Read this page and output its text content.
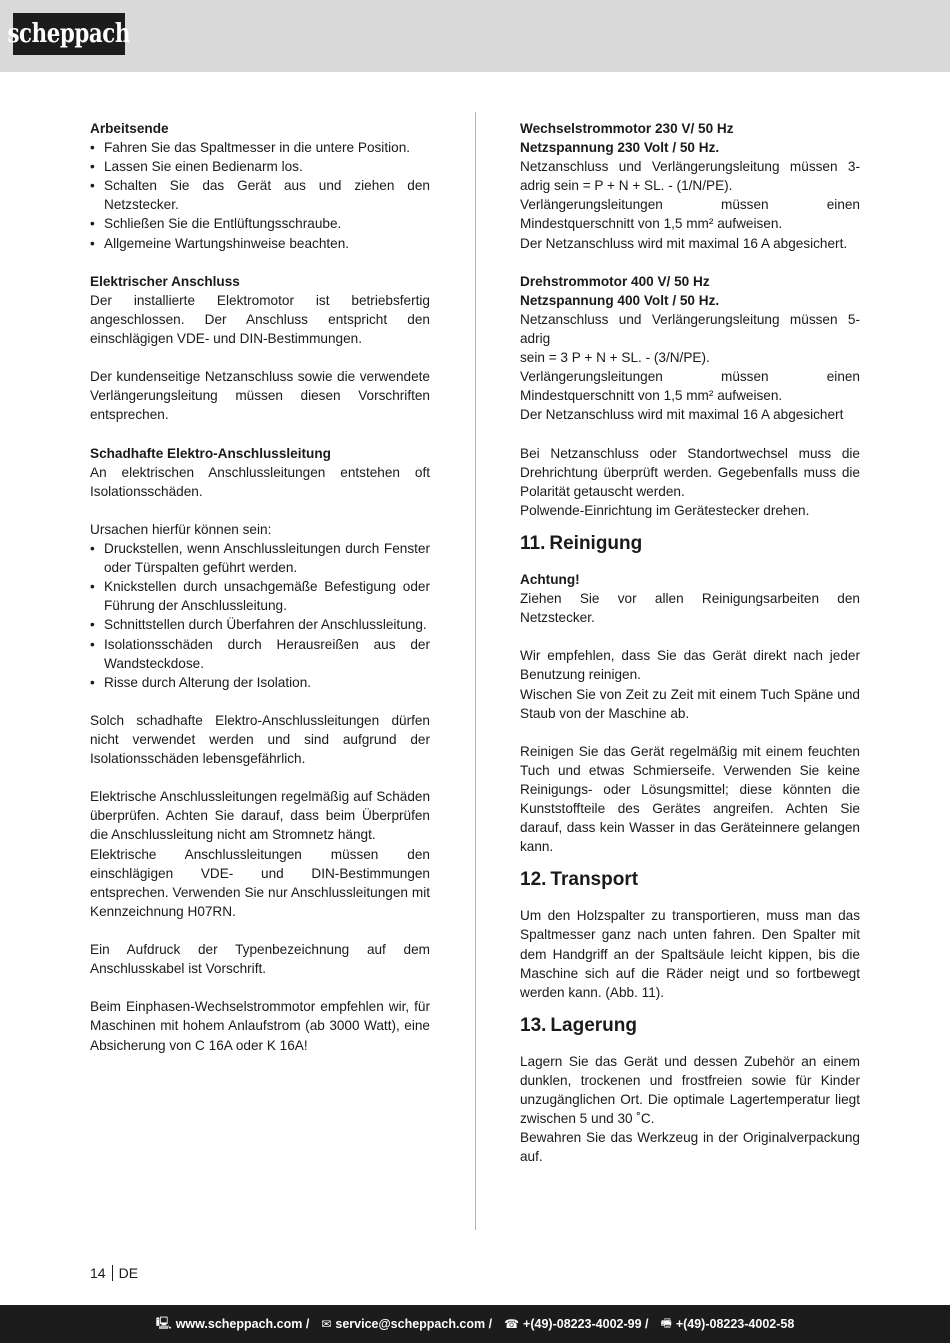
scheppach

Arbeitsende

• Fahren Sie das Spaltmesser in die untere Position.
• Lassen Sie einen Bedienarm los.
• Schalten Sie das Gerät aus und ziehen den Netzstecker.
• Schließen Sie die Entlüftungsschraube.
• Allgemeine Wartungshinweise beachten.

Elektrischer Anschluss

Der installierte Elektromotor ist betriebsfertig angeschlossen. Der Anschluss entspricht den einschlägigen VDE- und DIN-Bestimmungen.

Der kundenseitige Netzanschluss sowie die verwendete Verlängerungsleitung müssen diesen Vorschriften entsprechen.

Schadhafte Elektro-Anschlussleitung

An elektrischen Anschlussleitungen entstehen oft Isolationsschäden.

Ursachen hierfür können sein:

• Druckstellen, wenn Anschlussleitungen durch Fenster oder Türspalten geführt werden.
• Knickstellen durch unsachgemäße Befestigung oder Führung der Anschlussleitung.
• Schnittstellen durch Überfahren der Anschlussleitung.
• Isolationsschäden durch Herausreißen aus der Wandsteckdose.
• Risse durch Alterung der Isolation.

Solch schadhafte Elektro-Anschlussleitungen dürfen nicht verwendet werden und sind aufgrund der Isolationsschäden lebensgefährlich.

Elektrische Anschlussleitungen regelmäßig auf Schäden überprüfen. Achten Sie darauf, dass beim Überprüfen die Anschlussleitung nicht am Stromnetz hängt.

Elektrische Anschlussleitungen müssen den einschlägigen VDE- und DIN-Bestimmungen entsprechen. Verwenden Sie nur Anschlussleitungen mit Kennzeichnung H07RN.

Ein Aufdruck der Typenbezeichnung auf dem Anschlusskabel ist Vorschrift.

Beim Einphasen-Wechselstrommotor empfehlen wir, für Maschinen mit hohem Anlaufstrom (ab 3000 Watt), eine Absicherung von C 16A oder K 16A!

Wechselstrommotor 230 V/ 50 Hz

Netzspannung 230 Volt / 50 Hz.

Netzanschluss und Verlängerungsleitung müssen 3-adrig sein = P + N + SL. - (1/N/PE).

Verlängerungsleitungen müssen einen Mindestquerschnitt von 1,5 mm² aufweisen.

Der Netzanschluss wird mit maximal 16 A abgesichert.

Drehstrommotor 400 V/ 50 Hz

Netzspannung 400 Volt / 50 Hz.

Netzanschluss und Verlängerungsleitung müssen 5-adrig

sein = 3 P + N + SL. - (3/N/PE).

Verlängerungsleitungen müssen einen Mindestquerschnitt von 1,5 mm² aufweisen.

Der Netzanschluss wird mit maximal 16 A abgesichert

Bei Netzanschluss oder Standortwechsel muss die Drehrichtung überprüft werden. Gegebenfalls muss die Polarität getauscht werden.

Polwende-Einrichtung im Gerätestecker drehen.

11. Reinigung

Achtung!

Ziehen Sie vor allen Reinigungsarbeiten den Netzstecker.

Wir empfehlen, dass Sie das Gerät direkt nach jeder Benutzung reinigen.

Wischen Sie von Zeit zu Zeit mit einem Tuch Späne und Staub von der Maschine ab.

Reinigen Sie das Gerät regelmäßig mit einem feuchten Tuch und etwas Schmierseife. Verwenden Sie keine Reinigungs- oder Lösungsmittel; diese könnten die Kunststoffteile des Gerätes angreifen. Achten Sie darauf, dass kein Wasser in das Geräteinnere gelangen kann.

12. Transport

Um den Holzspalter zu transportieren, muss man das Spaltmesser ganz nach unten fahren. Den Spalter mit dem Handgriff an der Spaltsäule leicht kippen, bis die Maschine sich auf die Räder neigt und so fortbewegt werden kann. (Abb. 11).

13. Lagerung

Lagern Sie das Gerät und dessen Zubehör an einem dunklen, trockenen und frostfreien sowie für Kinder unzugänglichen Ort. Die optimale Lagertemperatur liegt zwischen 5 und 30 ˚C.

Bewahren Sie das Werkzeug in der Originalverpackung auf.

14 DE
🖳 www.scheppach.com / ✉ service@scheppach.com / ☎ +(49)-08223-4002-99 / 🖷 +(49)-08223-4002-58
